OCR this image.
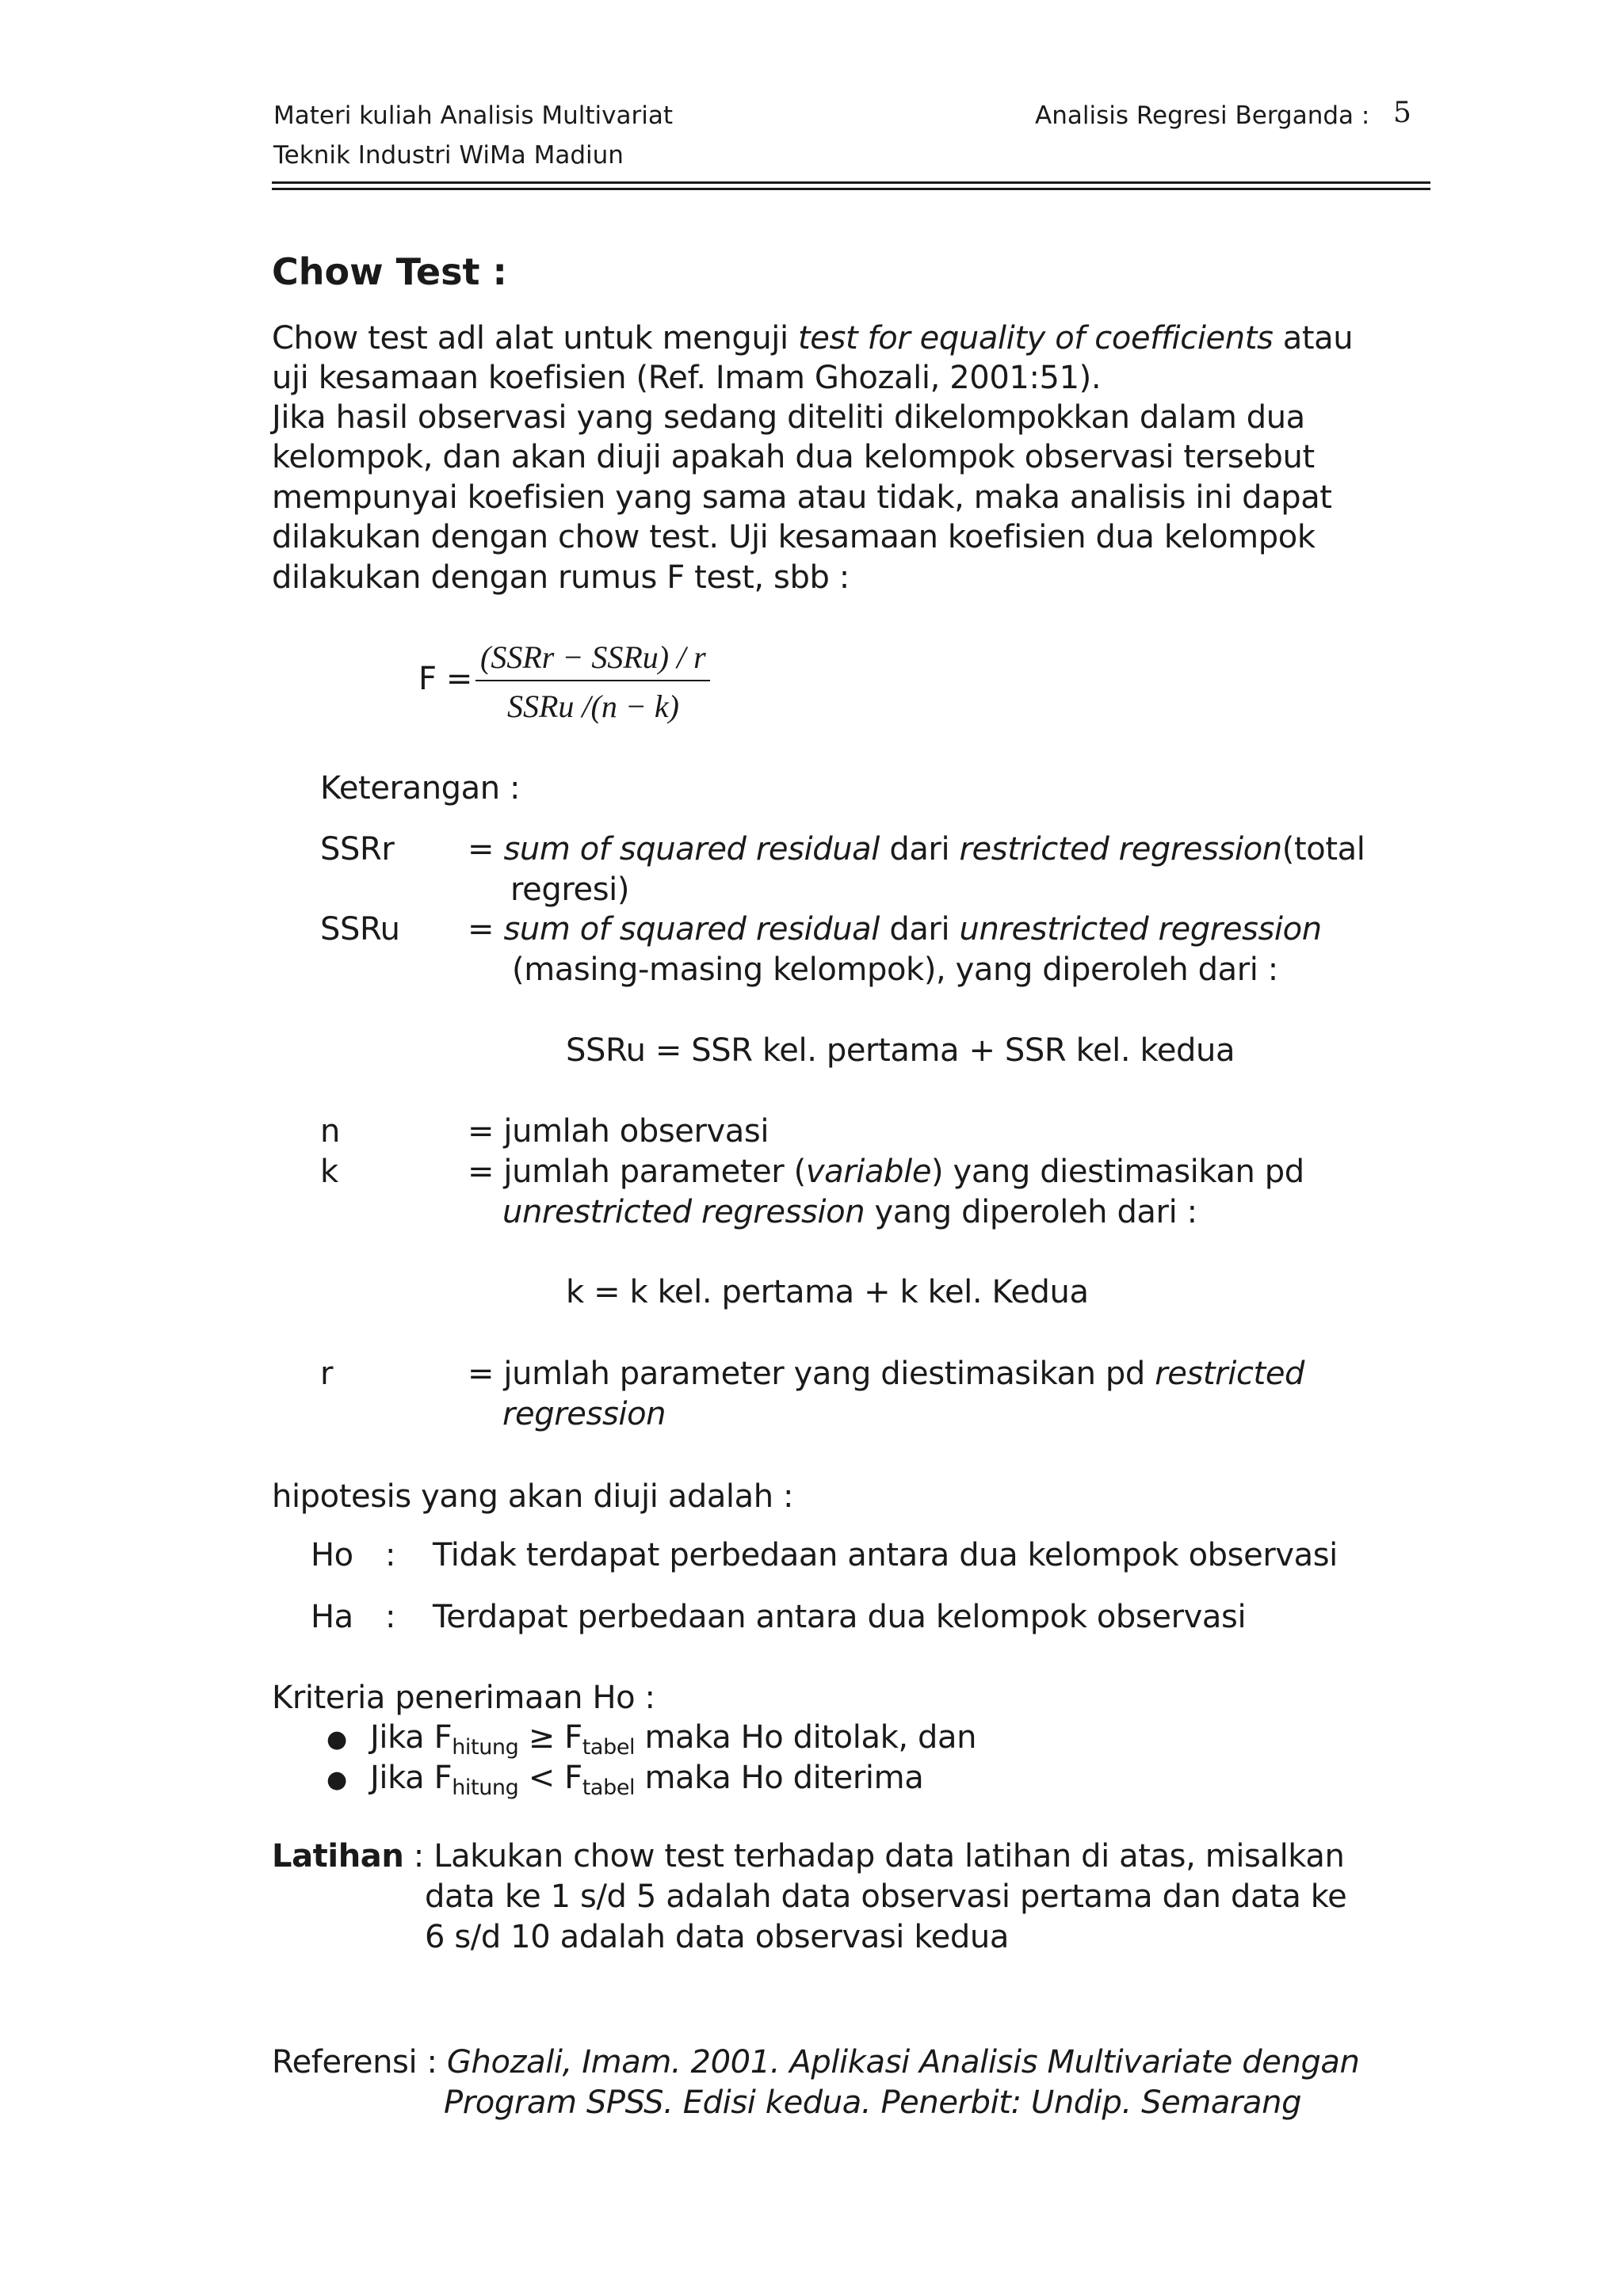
Materi kuliah Analisis Multivariat
Teknik Industri WiMa Madiun
Analisis Regresi Berganda : 5
Chow Test :
Chow test adl alat untuk menguji test for equality of coefficients atau
uji kesamaan koefisien (Ref. Imam Ghozali, 2001:51).
Jika hasil observasi yang sedang diteliti dikelompokkan dalam dua
kelompok, dan akan diuji apakah dua kelompok observasi tersebut
mempunyai koefisien yang sama atau tidak, maka analisis ini dapat
dilakukan dengan chow test. Uji kesamaan koefisien dua kelompok
dilakukan dengan rumus F test, sbb :
F =
(SSRr − SSRu) / r
SSRu /(n − k)
Keterangan :
SSRr = sum of squared residual dari restricted regression(total
regresi)
SSRu = sum of squared residual dari unrestricted regression
(masing-masing kelompok), yang diperoleh dari :
SSRu = SSR kel. pertama + SSR kel. kedua
n	= jumlah observasi
k	= jumlah parameter (variable) yang diestimasikan pd
unrestricted regression yang diperoleh dari :
k = k kel. pertama + k kel. Kedua
r	= jumlah parameter yang diestimasikan pd restricted
regression
hipotesis yang akan diuji adalah :
Ho : Tidak terdapat perbedaan antara dua kelompok observasi
Ha : Terdapat perbedaan antara dua kelompok observasi
Kriteria penerimaan Ho :
● Jika $F_{hitung} \ge F_{tabel}$ maka Ho ditolak, dan
● Jika $F_{hitung} < F_{tabel}$ maka Ho diterima
Latihan : Lakukan chow test terhadap data latihan di atas, misalkan
data ke 1 s/d 5 adalah data observasi pertama dan data ke
6 s/d 10 adalah data observasi kedua
Referensi : Ghozali, Imam. 2001. Aplikasi Analisis Multivariate dengan
Program SPSS. Edisi kedua. Penerbit: Undip. Semarang
